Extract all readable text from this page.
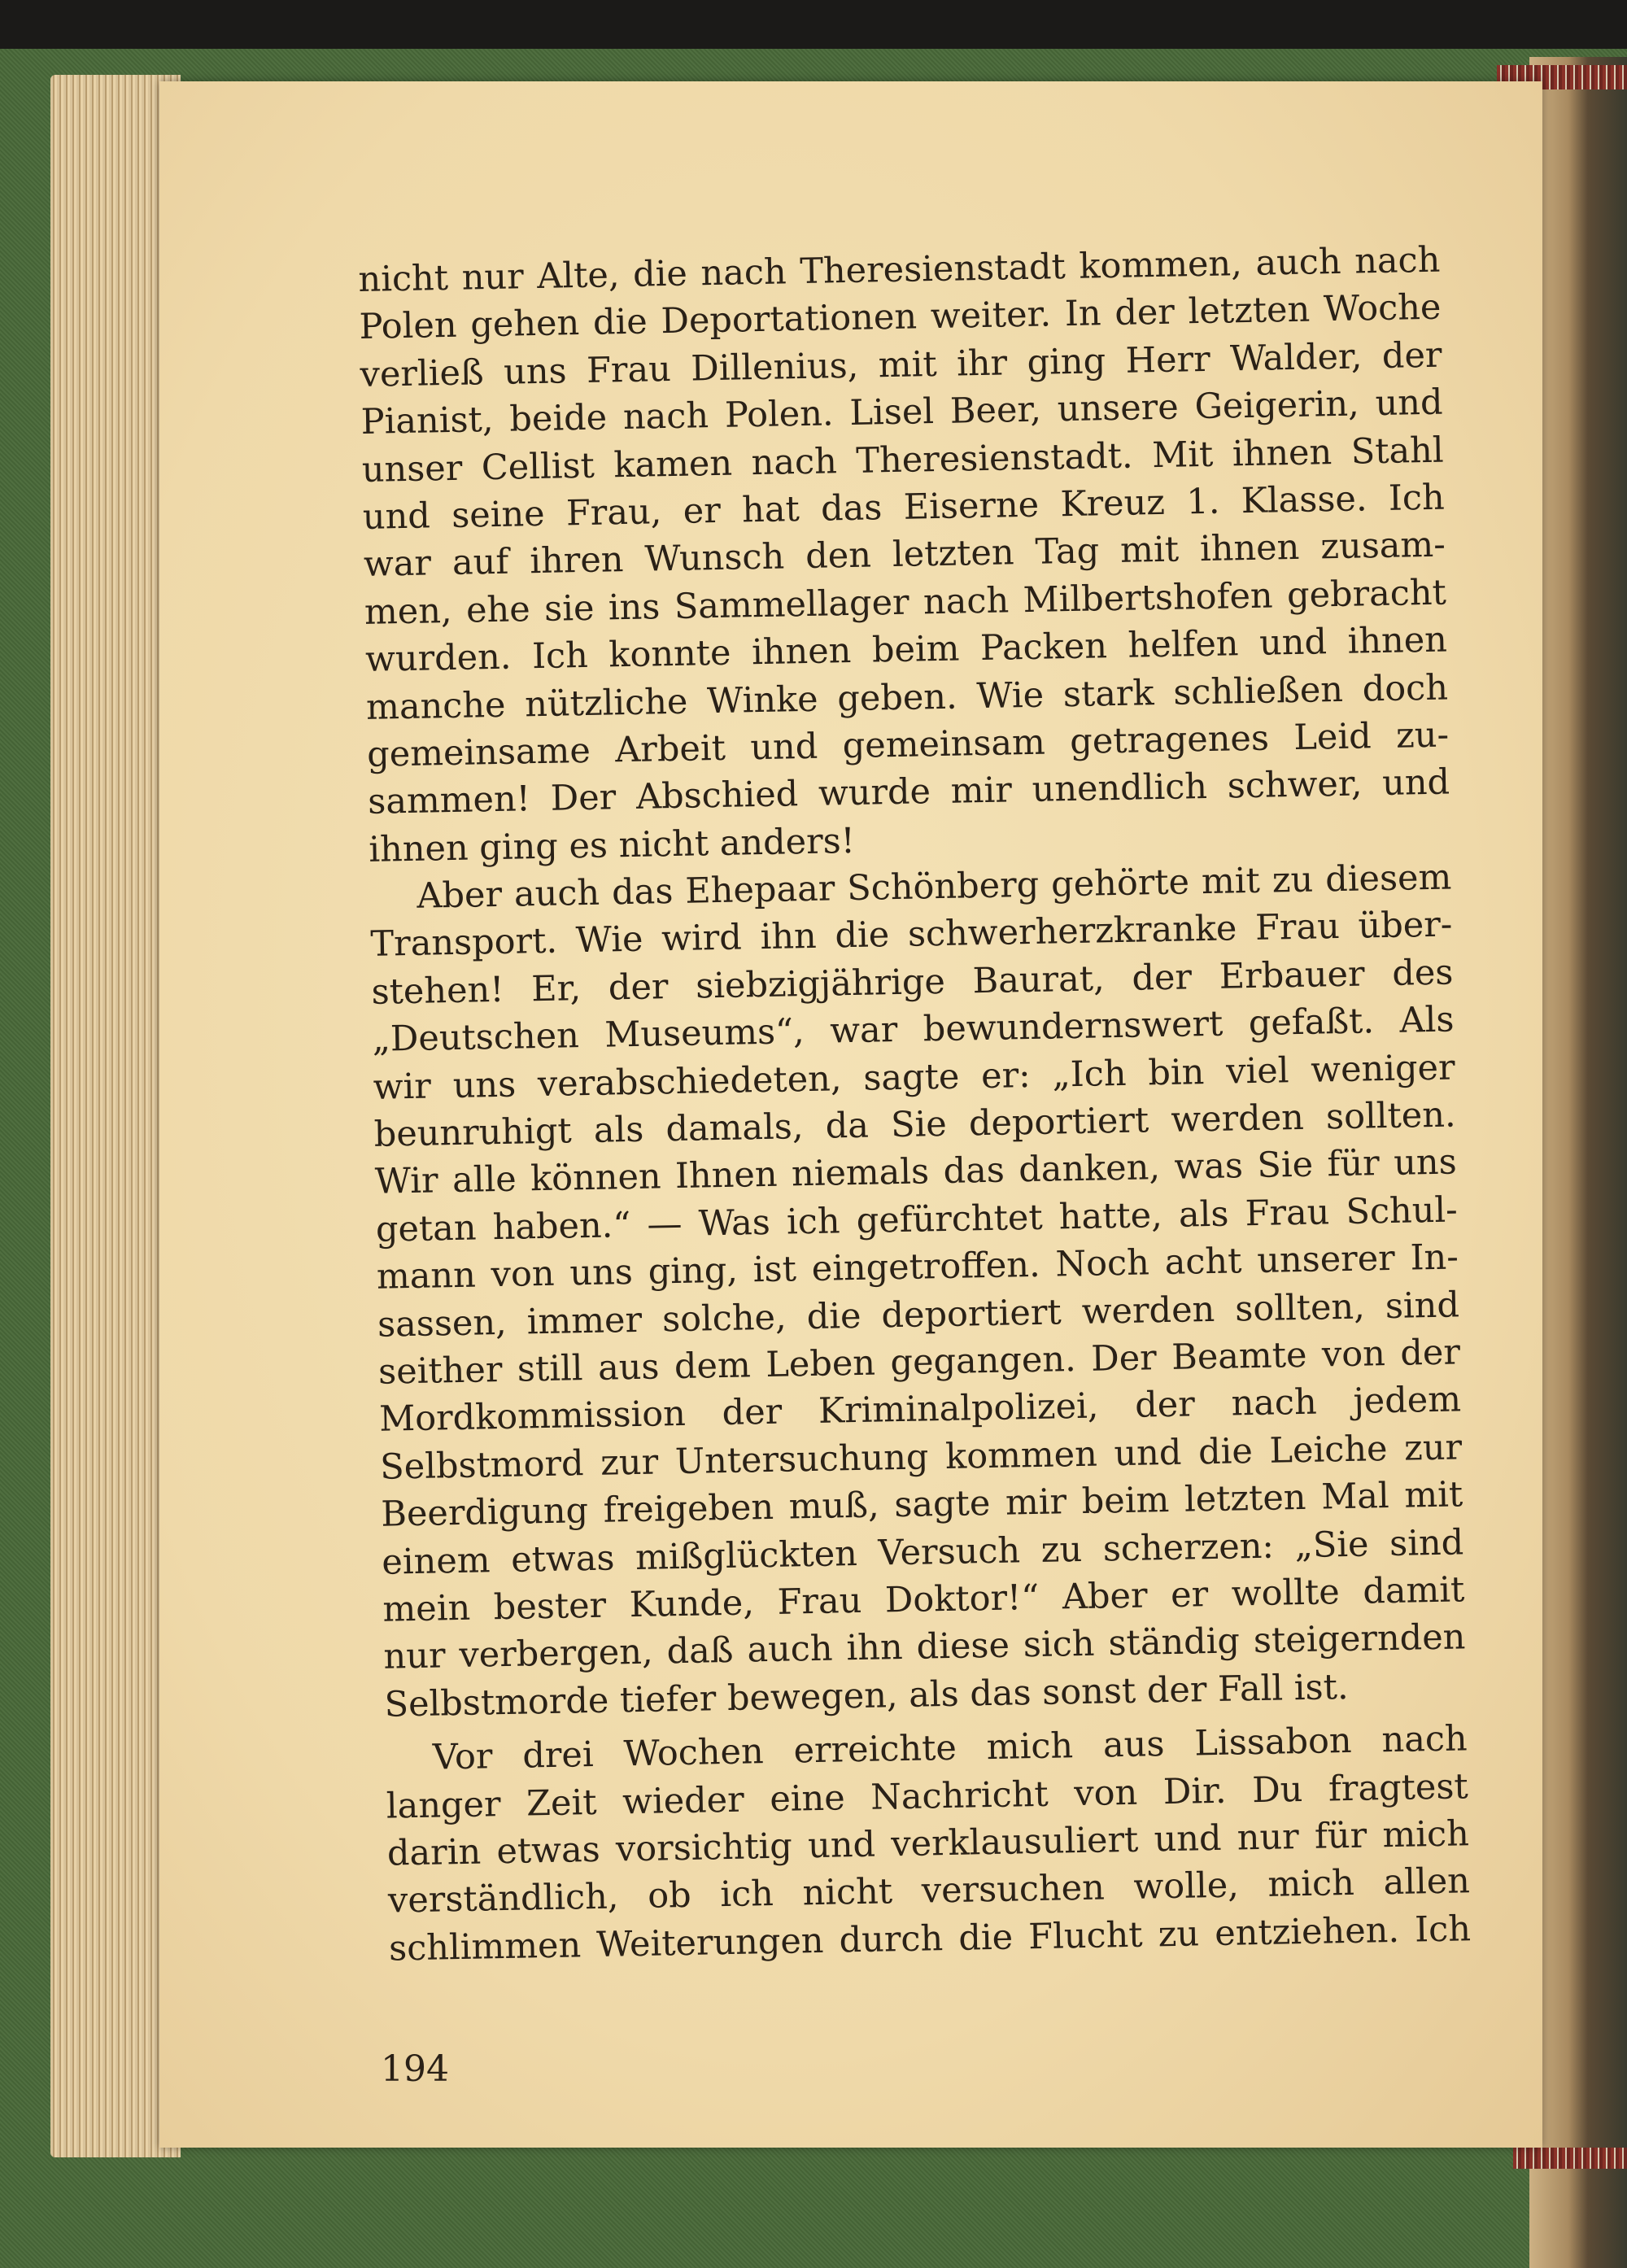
nicht nur Alte, die nach Theresienstadt kommen, auch nach
Polen gehen die Deportationen weiter. In der letzten Woche
verließ uns Frau Dillenius, mit ihr ging Herr Walder, der
Pianist, beide nach Polen. Lisel Beer, unsere Geigerin, und
unser Cellist kamen nach Theresienstadt. Mit ihnen Stahl
und seine Frau, er hat das Eiserne Kreuz 1. Klasse. Ich
war auf ihren Wunsch den letzten Tag mit ihnen zusam-
men, ehe sie ins Sammellager nach Milbertshofen gebracht
wurden. Ich konnte ihnen beim Packen helfen und ihnen
manche nützliche Winke geben. Wie stark schließen doch
gemeinsame Arbeit und gemeinsam getragenes Leid zu-
sammen! Der Abschied wurde mir unendlich schwer, und
ihnen ging es nicht anders!
Aber auch das Ehepaar Schönberg gehörte mit zu diesem
Transport. Wie wird ihn die schwerherzkranke Frau über-
stehen! Er, der siebzigjährige Baurat, der Erbauer des
„Deutschen Museums“, war bewundernswert gefaßt. Als
wir uns verabschiedeten, sagte er: „Ich bin viel weniger
beunruhigt als damals, da Sie deportiert werden sollten.
Wir alle können Ihnen niemals das danken, was Sie für uns
getan haben.“ — Was ich gefürchtet hatte, als Frau Schul-
mann von uns ging, ist eingetroffen. Noch acht unserer In-
sassen, immer solche, die deportiert werden sollten, sind
seither still aus dem Leben gegangen. Der Beamte von der
Mordkommission der Kriminalpolizei, der nach jedem
Selbstmord zur Untersuchung kommen und die Leiche zur
Beerdigung freigeben muß, sagte mir beim letzten Mal mit
einem etwas mißglückten Versuch zu scherzen: „Sie sind
mein bester Kunde, Frau Doktor!“ Aber er wollte damit
nur verbergen, daß auch ihn diese sich ständig steigernden
Selbstmorde tiefer bewegen, als das sonst der Fall ist.
Vor drei Wochen erreichte mich aus Lissabon nach
langer Zeit wieder eine Nachricht von Dir. Du fragtest
darin etwas vorsichtig und verklausuliert und nur für mich
verständlich, ob ich nicht versuchen wolle, mich allen
schlimmen Weiterungen durch die Flucht zu entziehen. Ich
194
